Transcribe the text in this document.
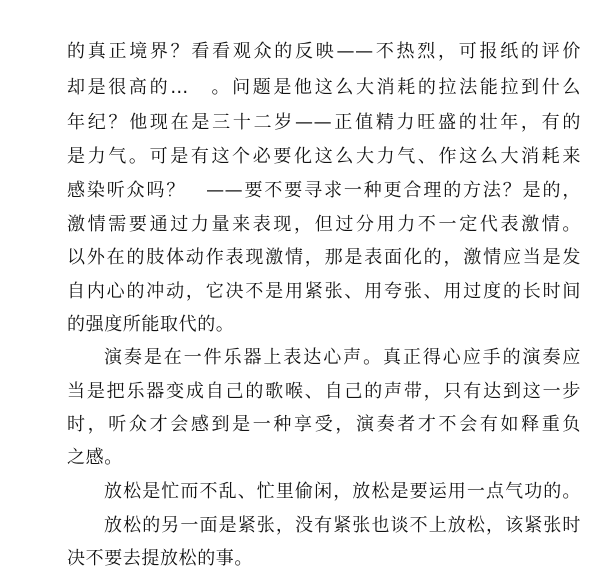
的真正境界？看看观众的反映——不热烈，可报纸的评价
却是很高的…　。问题是他这么大消耗的拉法能拉到什么
年纪？他现在是三十二岁——正值精力旺盛的壮年，有的
是力气。可是有这个必要化这么大力气、作这么大消耗来
感染听众吗？　——要不要寻求一种更合理的方法？是的，
激情需要通过力量来表现，但过分用力不一定代表激情。
以外在的肢体动作表现激情，那是表面化的，激情应当是发
自内心的冲动，它决不是用紧张、用夸张、用过度的长时间
的强度所能取代的。
演奏是在一件乐器上表达心声。真正得心应手的演奏应
当是把乐器变成自己的歌喉、自己的声带，只有达到这一步
时，听众才会感到是一种享受，演奏者才不会有如释重负
之感。
放松是忙而不乱、忙里偷闲，放松是要运用一点气功的。
放松的另一面是紧张，没有紧张也谈不上放松，该紧张时
决不要去提放松的事。
